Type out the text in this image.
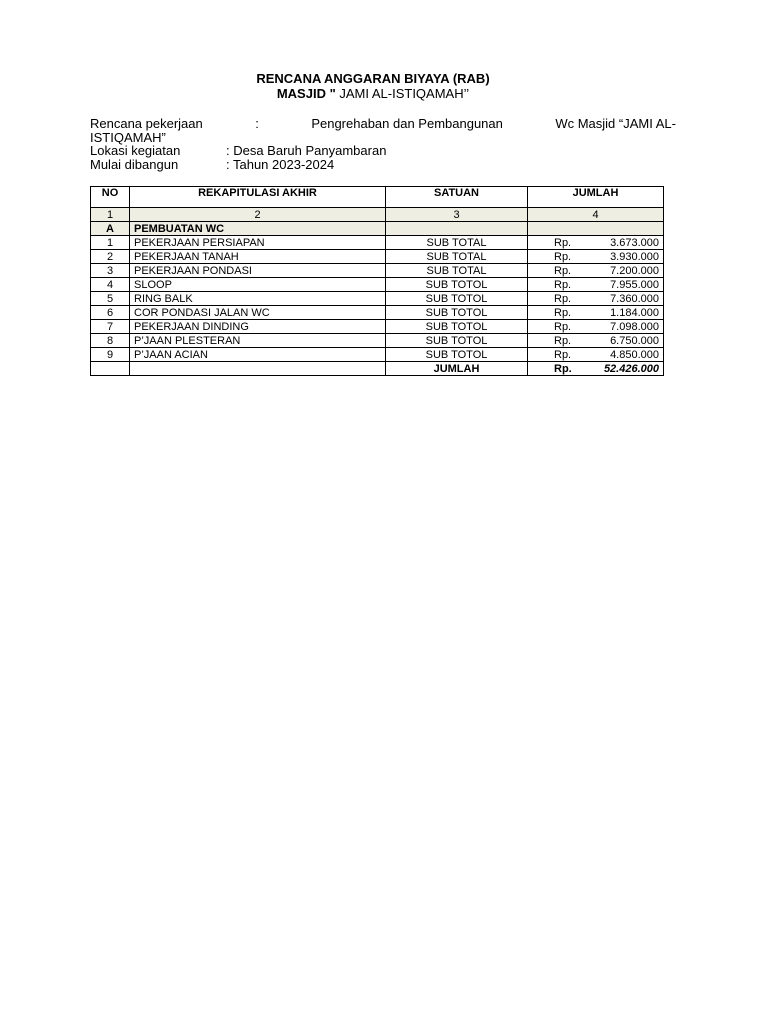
RENCANA ANGGARAN BIYAYA (RAB)
MASJID " JAMI AL-ISTIQAMAH’’
Rencana pekerjaan	:	Pengrehaban dan Pembangunan	Wc Masjid “JAMI AL-
ISTIQAMAH”
Lokasi kegiatan	: Desa Baruh Panyambaran
Mulai dibangun	: Tahun 2023-2024
NO	REKAPITULASI AKHIR	SATUAN	JUMLAH
1	2	3	4
A	PEMBUATAN WC		
1	PEKERJAAN PERSIAPAN	SUB TOTAL	Rp. 3.673.000

2	PEKERJAAN TANAH	SUB TOTAL	Rp. 3.930.000

3	PEKERJAAN PONDASI	SUB TOTAL	Rp. 7.200.000

4	SLOOP	SUB TOTOL	Rp. 7.955.000

5	RING BALK	SUB TOTOL	Rp. 7.360.000

6	COR PONDASI JALAN WC	SUB TOTOL	Rp. 1.184.000

7	PEKERJAAN DINDING	SUB TOTOL	Rp. 7.098.000

8	P’JAAN PLESTERAN	SUB TOTOL	Rp. 6.750.000

9	P’JAAN ACIAN	SUB TOTOL	Rp. 4.850.000

		JUMLAH	Rp. 52.426.000
